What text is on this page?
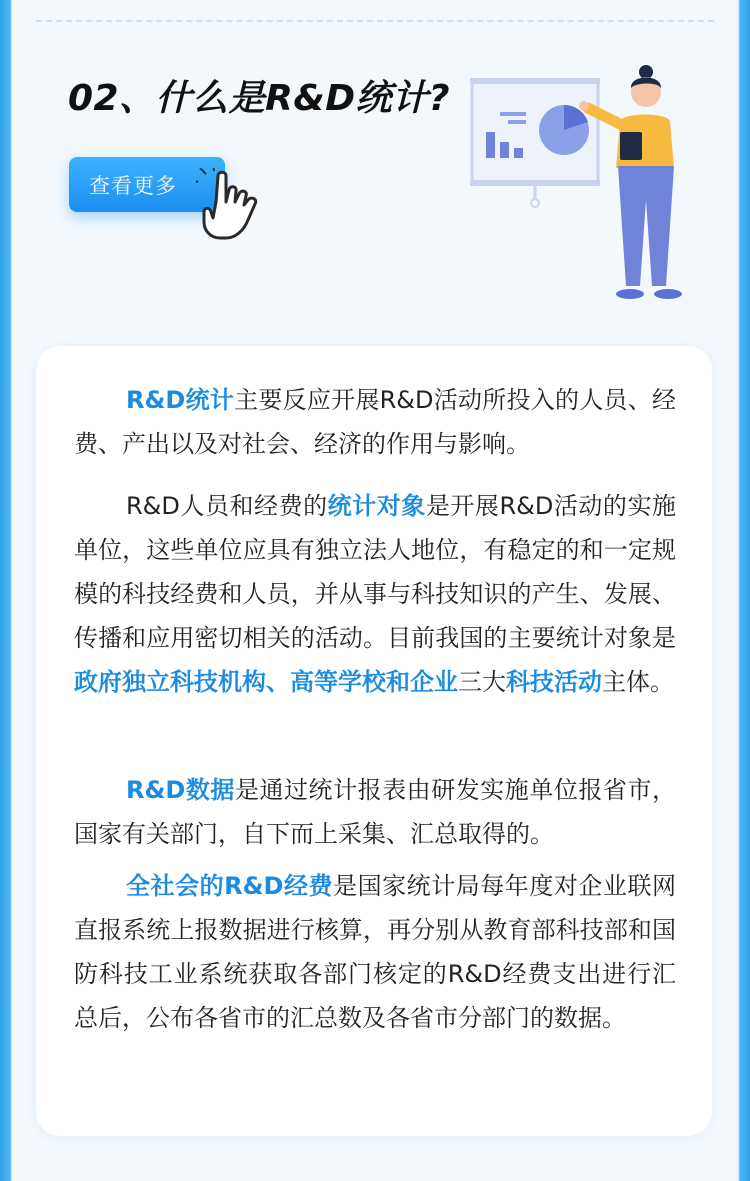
02、什么是R&D统计?
查看更多

R&D统计主要反应开展R&D活动所投入的人员、经费、产出以及对社会、经济的作用与影响。

R&D人员和经费的统计对象是开展R&D活动的实施单位，这些单位应具有独立法人地位，有稳定的和一定规模的科技经费和人员，并从事与科技知识的产生、发展、传播和应用密切相关的活动。目前我国的主要统计对象是政府独立科技机构、高等学校和企业三大科技活动主体。

R&D数据是通过统计报表由研发实施单位报省市，国家有关部门，自下而上采集、汇总取得的。

全社会的R&D经费是国家统计局每年度对企业联网直报系统上报数据进行核算，再分别从教育部科技部和国防科技工业系统获取各部门核定的R&D经费支出进行汇总后，公布各省市的汇总数及各省市分部门的数据。
